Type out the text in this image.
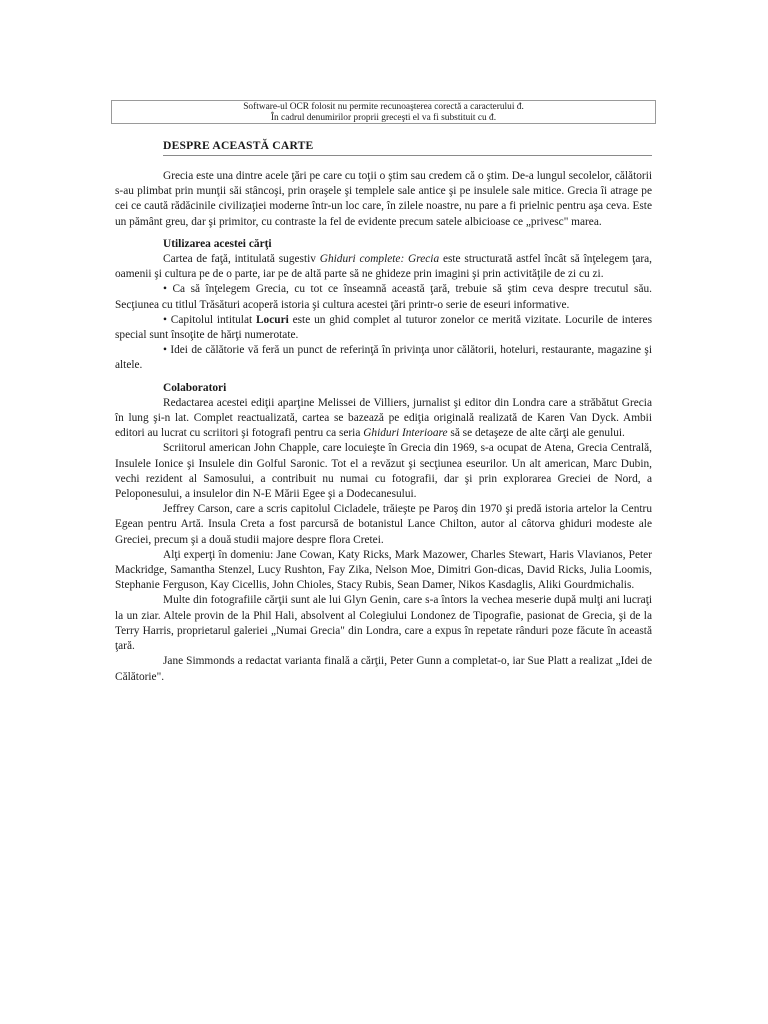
Software-ul OCR folosit nu permite recunoaşterea corectă a caracterului đ.
În cadrul denumirilor proprii greceşti el va fi substituit cu đ.
DESPRE ACEASTĂ CARTE

Grecia este una dintre acele ţări pe care cu toţii o ştim sau credem că o ştim. De-a lungul secolelor, călătorii s-au plimbat prin munţii săi stâncoşi, prin oraşele şi templele sale antice şi pe insulele sale mitice. Grecia îi atrage pe cei ce caută rădăcinile civilizaţiei moderne într-un loc care, în zilele noastre, nu pare a fi prielnic pentru aşa ceva. Este un pământ greu, dar şi primitor, cu contraste la fel de evidente precum satele albicioase ce „privesc" marea.

Utilizarea acestei cărţi

Cartea de faţă, intitulată sugestiv Ghiduri complete: Grecia este structurată astfel încât să înţelegem ţara, oamenii şi cultura pe de o parte, iar pe de altă parte să ne ghideze prin imagini şi prin activităţile de zi cu zi.

• Ca să înţelegem Grecia, cu tot ce înseamnă această ţară, trebuie să ştim ceva despre trecutul său. Secţiunea cu titlul Trăsături acoperă istoria şi cultura acestei ţări printr-o serie de eseuri informative.

• Capitolul intitulat Locuri este un ghid complet al tuturor zonelor ce merită vizitate. Locurile de interes special sunt însoţite de hărţi numerotate.

• Idei de călătorie vă feră un punct de referinţă în privinţa unor călătorii, hoteluri, restaurante, magazine şi altele.

Colaboratori

Redactarea acestei ediţii aparţine Melissei de Villiers, jurnalist şi editor din Londra care a străbătut Grecia în lung şi-n lat. Complet reactualizată, cartea se bazează pe ediţia originală realizată de Karen Van Dyck. Ambii editori au lucrat cu scriitori şi fotografi pentru ca seria Ghiduri Interioare să se detaşeze de alte cărţi ale genului.

Scriitorul american John Chapple, care locuieşte în Grecia din 1969, s-a ocupat de Atena, Grecia Centrală, Insulele Ionice şi Insulele din Golful Saronic. Tot el a revăzut şi secţiunea eseurilor. Un alt american, Marc Dubin, vechi rezident al Samosului, a contribuit nu numai cu fotografii, dar şi prin explorarea Greciei de Nord, a Peloponesului, a insulelor din N-E Mării Egee şi a Dodecanesului.

Jeffrey Carson, care a scris capitolul Cicladele, trăieşte pe Paroş din 1970 şi predă istoria artelor la Centru Egean pentru Artă. Insula Creta a fost parcursă de botanistul Lance Chilton, autor al câtorva ghiduri modeste ale Greciei, precum şi a două studii majore despre flora Cretei.

Alţi experţi în domeniu: Jane Cowan, Katy Ricks, Mark Mazower, Charles Stewart, Haris Vlavianos, Peter Mackridge, Samantha Stenzel, Lucy Rushton, Fay Zika, Nelson Moe, Dimitri Gon-dicas, David Ricks, Julia Loomis, Stephanie Ferguson, Kay Cicellis, John Chioles, Stacy Rubis, Sean Damer, Nikos Kasdaglis, Aliki Gourdmichalis.

Multe din fotografiile cărţii sunt ale lui Glyn Genin, care s-a întors la vechea meserie după mulţi ani lucraţi la un ziar. Altele provin de la Phil Hali, absolvent al Colegiului Londonez de Tipografie, pasionat de Grecia, şi de la Terry Harris, proprietarul galeriei „Numai Grecia" din Londra, care a expus în repetate rânduri poze făcute în această ţară.

Jane Simmonds a redactat varianta finală a cărţii, Peter Gunn a completat-o, iar Sue Platt a realizat „Idei de Călătorie".
